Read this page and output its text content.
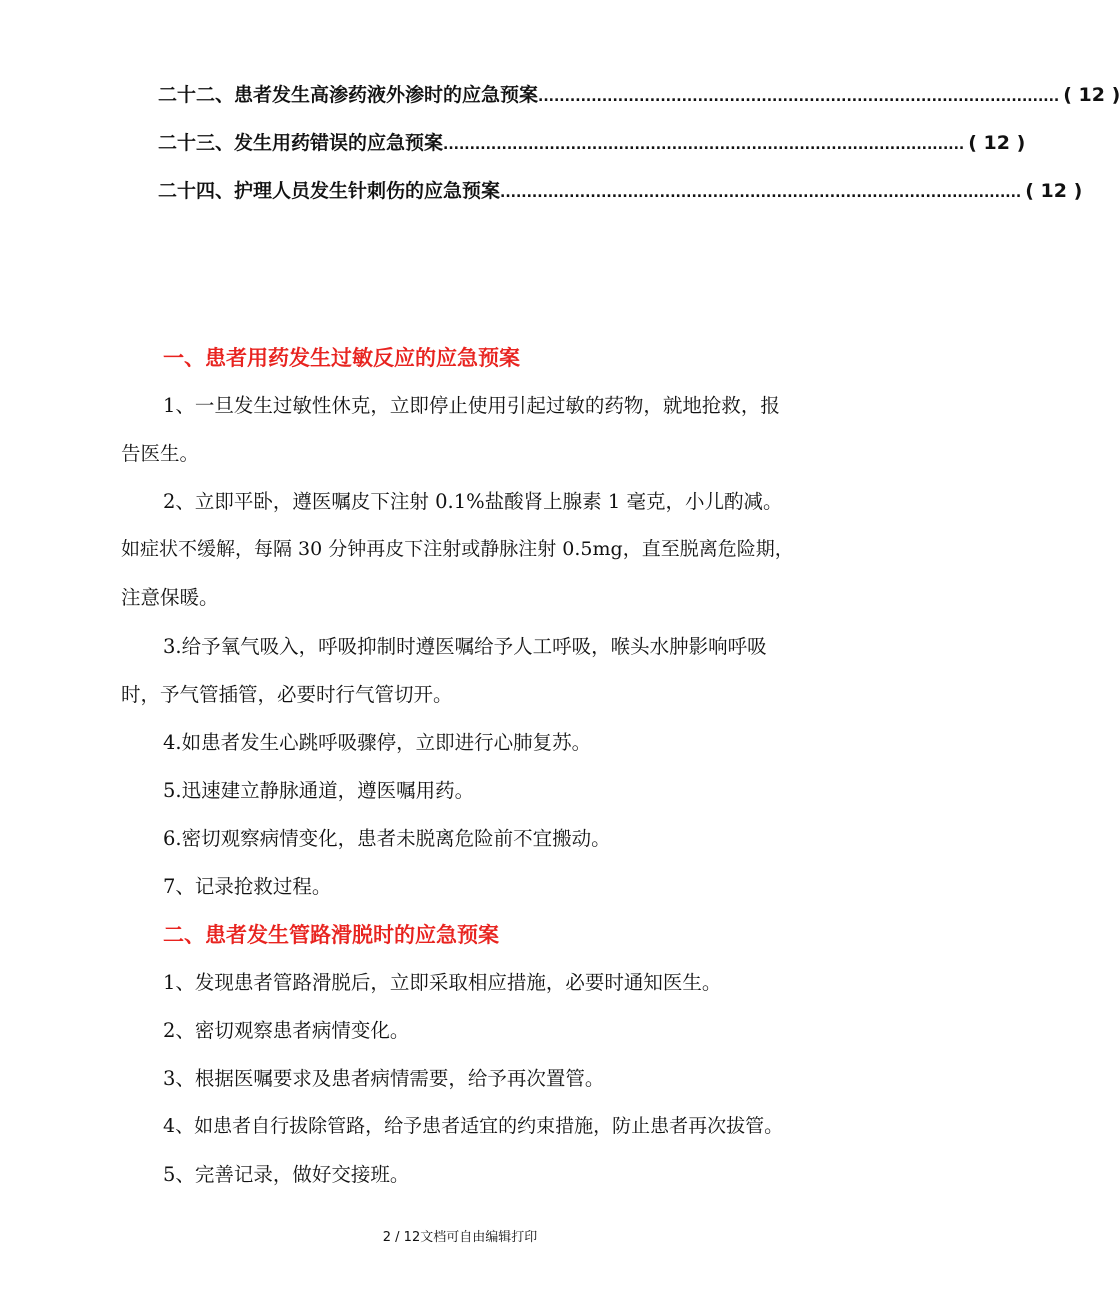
二十二、患者发生高渗药液外渗时的应急预案 .................................................................................................. ( 12 )
二十三、发生用药错误的应急预案 .................................................................................................. ( 12 )
二十四、护理人员发生针刺伤的应急预案 .................................................................................................. ( 12 )
一、患者用药发生过敏反应的应急预案
1、一旦发生过敏性休克，立即停止使用引起过敏的药物，就地抢救，报
告医生。
2、立即平卧，遵医嘱皮下注射 0.1%盐酸肾上腺素 1 毫克，小儿酌减。
如症状不缓解，每隔 30 分钟再皮下注射或静脉注射 0.5mg，直至脱离危险期，
注意保暖。
3.给予氧气吸入，呼吸抑制时遵医嘱给予人工呼吸，喉头水肿影响呼吸
时，予气管插管，必要时行气管切开。
4.如患者发生心跳呼吸骤停，立即进行心肺复苏。
5.迅速建立静脉通道，遵医嘱用药。
6.密切观察病情变化，患者未脱离危险前不宜搬动。
7、记录抢救过程。
二、患者发生管路滑脱时的应急预案
1、发现患者管路滑脱后，立即采取相应措施，必要时通知医生。
2、密切观察患者病情变化。
3、根据医嘱要求及患者病情需要，给予再次置管。
4、如患者自行拔除管路，给予患者适宜的约束措施，防止患者再次拔管。
5、完善记录，做好交接班。
2 / 12文档可自由编辑打印
